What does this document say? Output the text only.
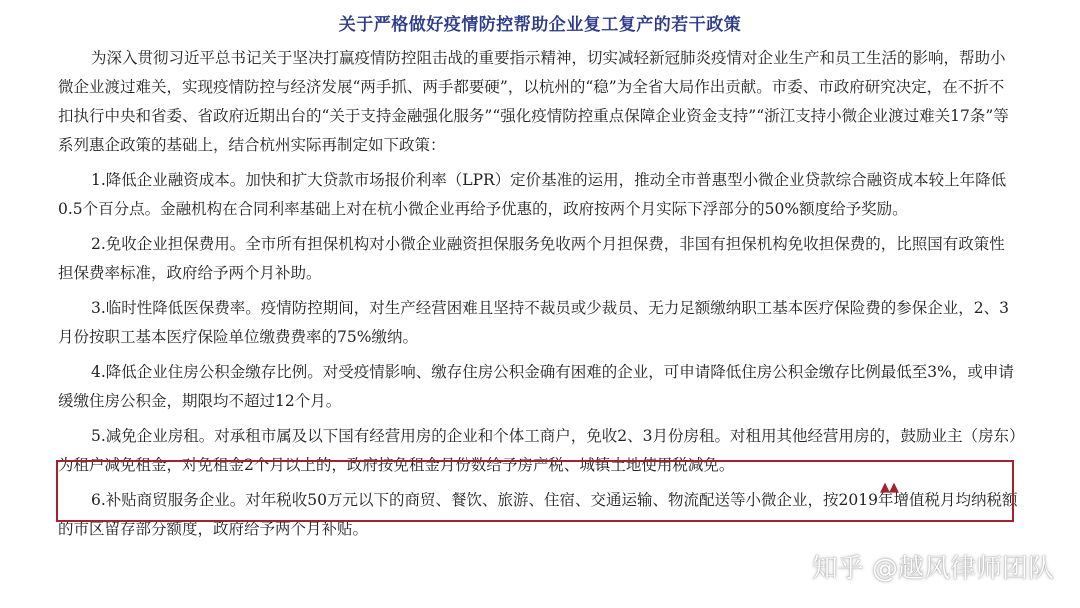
关于严格做好疫情防控帮助企业复工复产的若干政策

为深入贯彻习近平总书记关于坚决打赢疫情防控阻击战的重要指示精神，切实减轻新冠肺炎疫情对企业生产和员工生活的影响，帮助小微企业渡过难关，实现疫情防控与经济发展“两手抓、两手都要硬”，以杭州的“稳”为全省大局作出贡献。市委、市政府研究决定，在不折不扣执行中央和省委、省政府近期出台的“关于支持金融强化服务”“强化疫情防控重点保障企业资金支持”“浙江支持小微企业渡过难关17条”等系列惠企政策的基础上，结合杭州实际再制定如下政策：

1.降低企业融资成本。加快和扩大贷款市场报价利率（LPR）定价基准的运用，推动全市普惠型小微企业贷款综合融资成本较上年降低0.5个百分点。金融机构在合同利率基础上对在杭小微企业再给予优惠的，政府按两个月实际下浮部分的50%额度给予奖励。

2.免收企业担保费用。全市所有担保机构对小微企业融资担保服务免收两个月担保费，非国有担保机构免收担保费的，比照国有政策性担保费率标准，政府给予两个月补助。

3.临时性降低医保费率。疫情防控期间，对生产经营困难且坚持不裁员或少裁员、无力足额缴纳职工基本医疗保险费的参保企业，2、3月份按职工基本医疗保险单位缴费费率的75%缴纳。

4.降低企业住房公积金缴存比例。对受疫情影响、缴存住房公积金确有困难的企业，可申请降低住房公积金缴存比例最低至3%，或申请缓缴住房公积金，期限均不超过12个月。

5.减免企业房租。对承租市属及以下国有经营用房的企业和个体工商户，免收2、3月份房租。对租用其他经营用房的，鼓励业主（房东）为租户减免租金，对免租金2个月以上的，政府按免租金月份数给予房产税、城镇土地使用税减免。

6.补贴商贸服务企业。对年税收50万元以下的商贸、餐饮、旅游、住宿、交通运输、物流配送等小微企业，按2019年增值税月均纳税额的市区留存部分额度，政府给予两个月补贴。

▲▲
知乎 @越风律师团队
